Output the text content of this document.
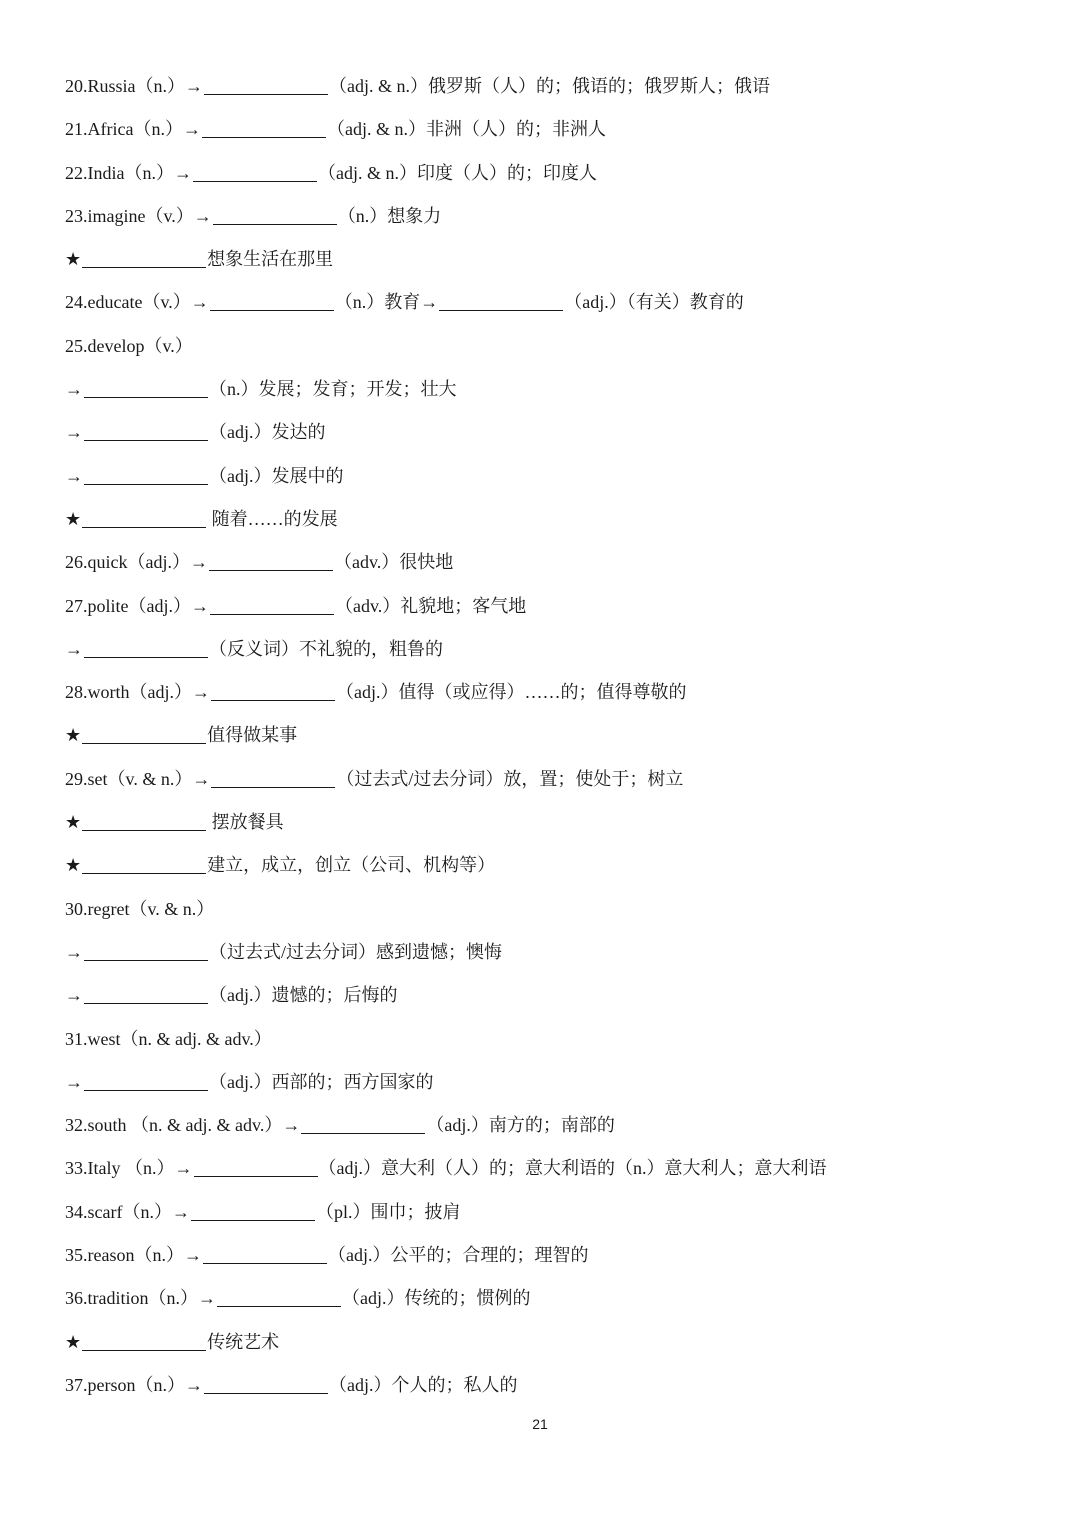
20.Russia（n.）→	（adj. & n.）俄罗斯（人）的；俄语的；俄罗斯人；俄语
21.Africa（n.）→	（adj. & n.）非洲（人）的；非洲人
22.India（n.）→	（adj. & n.）印度（人）的；印度人
23.imagine（v.）→	（n.）想象力
★	想象生活在那里
24.educate（v.）→	（n.）教育→	（adj.）（有关）教育的
25.develop（v.）
→	（n.）发展；发育；开发；壮大
→	（adj.）发达的
→	（adj.）发展中的
★	随着……的发展
26.quick（adj.）→	（adv.）很快地
27.polite（adj.）→	（adv.）礼貌地；客气地
→	（反义词）不礼貌的，粗鲁的
28.worth（adj.）→	（adj.）值得（或应得）……的；值得尊敬的
★	值得做某事
29.set（v. & n.）→	（过去式/过去分词）放，置；使处于；树立
★	摆放餐具
★	建立，成立，创立（公司、机构等）
30.regret（v. & n.）
→	（过去式/过去分词）感到遗憾；懊悔
→	（adj.）遗憾的；后悔的
31.west（n. & adj. & adv.）
→	（adj.）西部的；西方国家的
32.south （n. & adj. & adv.）→	（adj.）南方的；南部的
33.Italy （n.）→	（adj.）意大利（人）的；意大利语的（n.）意大利人；意大利语
34.scarf（n.）→	（pl.）围巾；披肩
35.reason（n.）→	（adj.）公平的；合理的；理智的
36.tradition（n.）→	（adj.）传统的；惯例的
★	传统艺术
37.person（n.）→	（adj.）个人的；私人的
21
